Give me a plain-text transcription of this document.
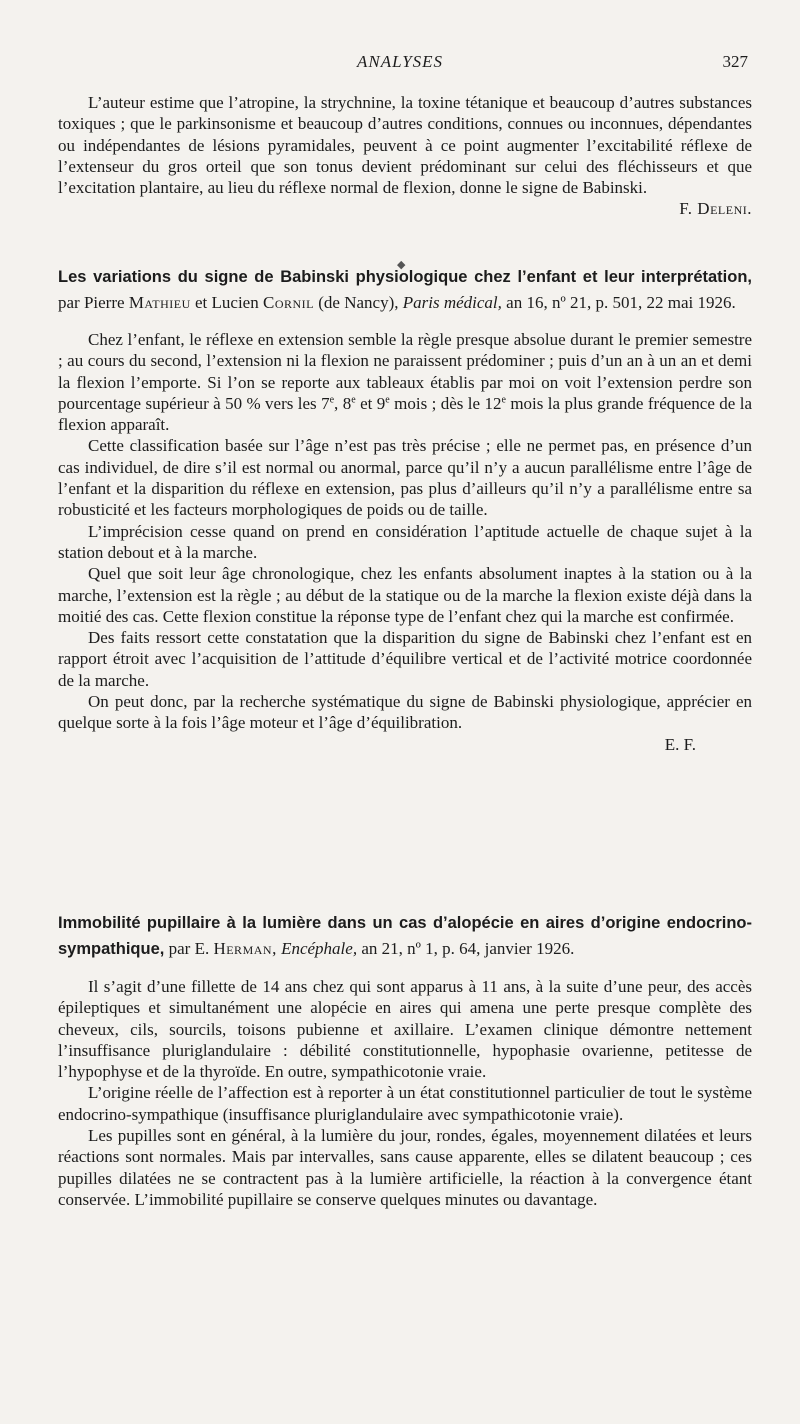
ANALYSES	327

L’auteur estime que l’atropine, la strychnine, la toxine tétanique et beaucoup d’autres substances toxiques ; que le parkinsonisme et beaucoup d’autres conditions, connues ou inconnues, dépendantes ou indépendantes de lésions pyramidales, peuvent à ce point augmenter l’excitabilité réflexe de l’extenseur du gros orteil que son tonus devient prédominant sur celui des fléchisseurs et que l’excitation plantaire, au lieu du réflexe normal de flexion, donne le signe de Babinski.
F. Deleni.

◆
Les variations du signe de Babinski physiologique chez l’enfant et leur interprétation, par Pierre Mathieu et Lucien Cornil (de Nancy), Paris médical, an 16, nº 21, p. 501, 22 mai 1926.

Chez l’enfant, le réflexe en extension semble la règle presque absolue durant le premier semestre ; au cours du second, l’extension ni la flexion ne paraissent prédominer ; puis d’un an à un an et demi la flexion l’emporte. Si l’on se reporte aux tableaux établis par moi on voit l’extension perdre son pourcentage supérieur à 50 % vers les 7e, 8e et 9e mois ; dès le 12e mois la plus grande fréquence de la flexion apparaît.

Cette classification basée sur l’âge n’est pas très précise ; elle ne permet pas, en présence d’un cas individuel, de dire s’il est normal ou anormal, parce qu’il n’y a aucun parallélisme entre l’âge de l’enfant et la disparition du réflexe en extension, pas plus d’ailleurs qu’il n’y a parallélisme entre sa robusticité et les facteurs morphologiques de poids ou de taille.

L’imprécision cesse quand on prend en considération l’aptitude actuelle de chaque sujet à la station debout et à la marche.

Quel que soit leur âge chronologique, chez les enfants absolument inaptes à la station ou à la marche, l’extension est la règle ; au début de la statique ou de la marche la flexion existe déjà dans la moitié des cas. Cette flexion constitue la réponse type de l’enfant chez qui la marche est confirmée.

Des faits ressort cette constatation que la disparition du signe de Babinski chez l’enfant est en rapport étroit avec l’acquisition de l’attitude d’équilibre vertical et de l’activité motrice coordonnée de la marche.

On peut donc, par la recherche systématique du signe de Babinski physiologique, apprécier en quelque sorte à la fois l’âge moteur et l’âge d’équilibration.

E. F.
Immobilité pupillaire à la lumière dans un cas d’alopécie en aires d’origine endocrino-sympathique, par E. Herman, Encéphale, an 21, nº 1, p. 64, janvier 1926.

Il s’agit d’une fillette de 14 ans chez qui sont apparus à 11 ans, à la suite d’une peur, des accès épileptiques et simultanément une alopécie en aires qui amena une perte presque complète des cheveux, cils, sourcils, toisons pubienne et axillaire. L’examen clinique démontre nettement l’insuffisance pluriglandulaire : débilité constitutionnelle, hypophasie ovarienne, petitesse de l’hypophyse et de la thyroïde. En outre, sympathicotonie vraie.

L’origine réelle de l’affection est à reporter à un état constitutionnel particulier de tout le système endocrino-sympathique (insuffisance pluriglandulaire avec sympathicotonie vraie).

Les pupilles sont en général, à la lumière du jour, rondes, égales, moyennement dilatées et leurs réactions sont normales. Mais par intervalles, sans cause apparente, elles se dilatent beaucoup ; ces pupilles dilatées ne se contractent pas à la lumière artificielle, la réaction à la convergence étant conservée. L’immobilité pupillaire se conserve quelques minutes ou davantage.
